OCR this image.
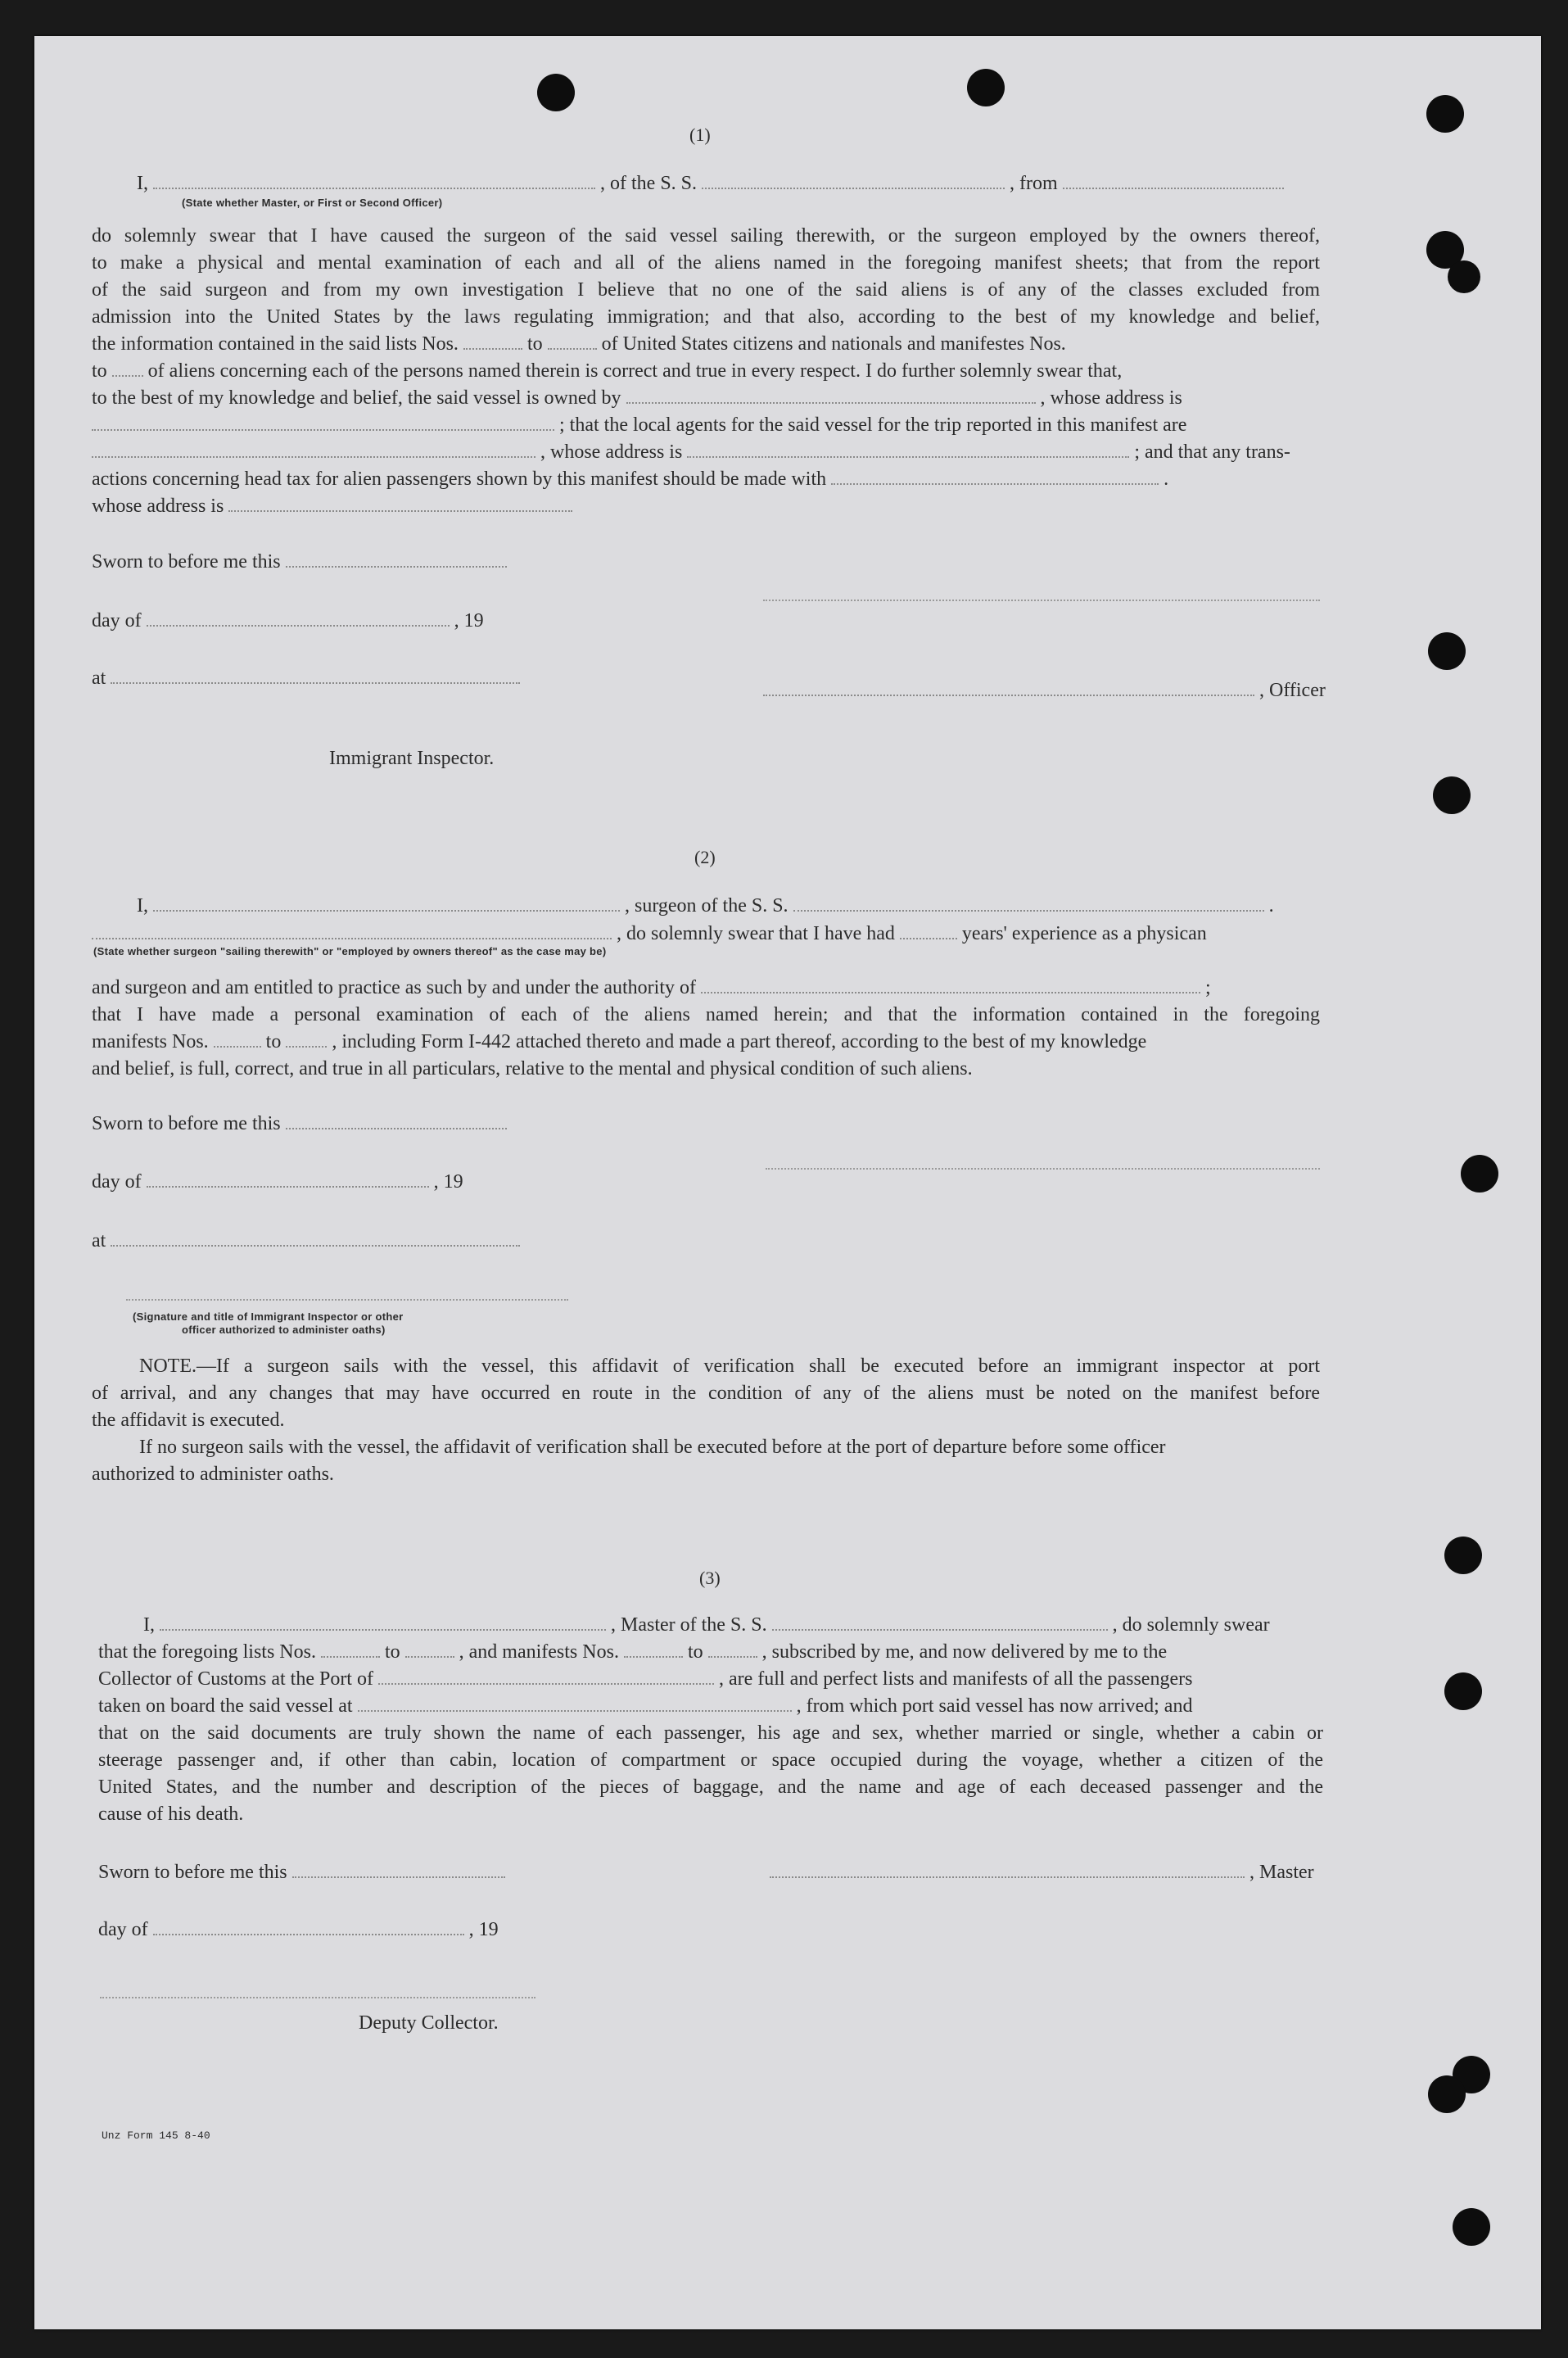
(1)
I,	, of the S. S.	, from
(State whether Master, or First or Second Officer)

do solemnly swear that I have caused the surgeon of the said vessel sailing therewith, or the surgeon employed by the owners thereof,

to make a physical and mental examination of each and all of the aliens named in the foregoing manifest sheets; that from the report

of the said surgeon and from my own investigation I believe that no one of the said aliens is of any of the classes excluded from

admission into the United States by the laws regulating immigration; and that also, according to the best of my knowledge and belief,

the information contained in the said lists Nos.	to	of United States citizens and nationals and manifestes Nos.
to of aliens concerning each of the persons named therein is correct and true in every respect. I do further solemnly swear that,
to the best of my knowledge and belief, the said vessel is owned by	, whose address is
; that the local agents for the said vessel for the trip reported in this manifest are
, whose address is	; and that any trans-
actions concerning head tax for alien passengers shown by this manifest should be made with	.
whose address is
Sworn to before me this
day of	, 19
at
, Officer
Immigrant Inspector.
(2)
I,	, surgeon of the S. S.	.
, do solemnly swear that I have had	years' experience as a physican
(State whether surgeon "sailing therewith" or "employed by owners thereof" as the case may be)
and surgeon and am entitled to practice as such by and under the authority of	;

that I have made a personal examination of each of the aliens named herein; and that the information contained in the foregoing

manifests Nos.	to	, including Form I-442 attached thereto and made a part thereof, according to the best of my knowledge
and belief, is full, correct, and true in all particulars, relative to the mental and physical condition of such aliens.
Sworn to before me this
day of	, 19
at
(Signature and title of Immigrant Inspector or other
officer authorized to administer oaths)

NOTE.—If a surgeon sails with the vessel, this affidavit of verification shall be executed before an immigrant inspector at port

of arrival, and any changes that may have occurred en route in the condition of any of the aliens must be noted on the manifest before

the affidavit is executed.
If no surgeon sails with the vessel, the affidavit of verification shall be executed before at the port of departure before some officer
authorized to administer oaths.
(3)
I,	, Master of the S. S.	, do solemnly swear
that the foregoing lists Nos.	to	, and manifests Nos.	to	, subscribed by me, and now delivered by me to the
Collector of Customs at the Port of	, are full and perfect lists and manifests of all the passengers
taken on board the said vessel at	, from which port said vessel has now arrived; and

that on the said documents are truly shown the name of each passenger, his age and sex, whether married or single, whether a cabin or

steerage passenger and, if other than cabin, location of compartment or space occupied during the voyage, whether a citizen of the

United States, and the number and description of the pieces of baggage, and the name and age of each deceased passenger and the

cause of his death.
Sworn to before me this	, Master
day of	, 19
Deputy Collector.
Unz Form 145 8-40
